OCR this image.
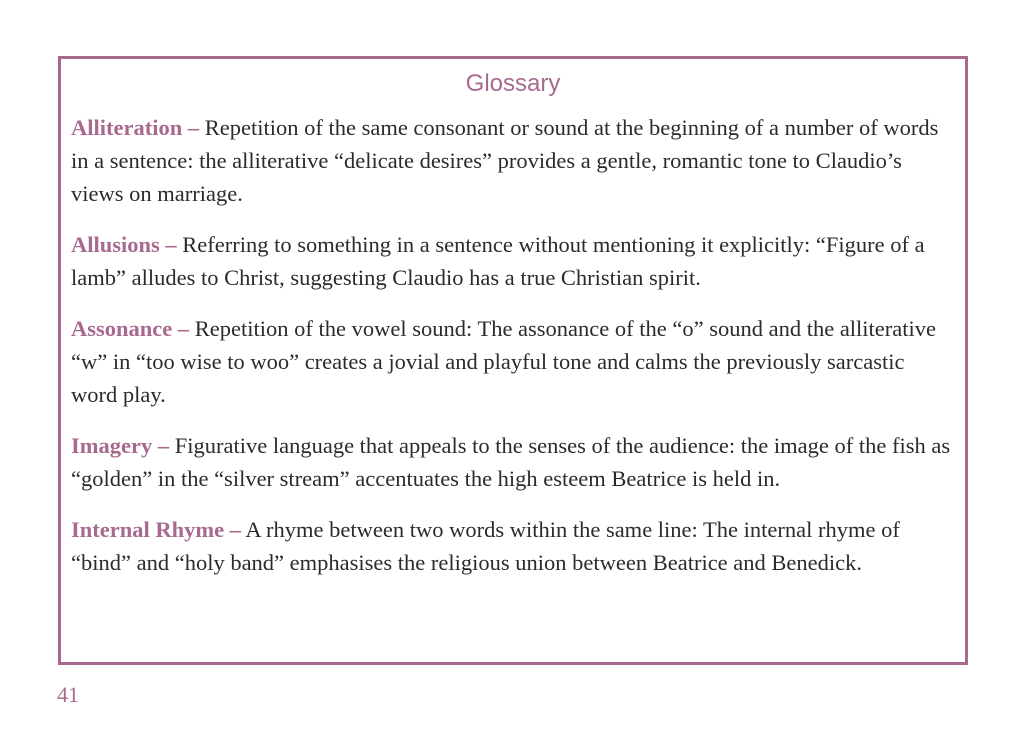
Glossary

Alliteration – Repetition of the same consonant or sound at the beginning of a number of words in a sentence: the alliterative “delicate desires” provides a gentle, romantic tone to Claudio’s views on marriage.

Allusions – Referring to something in a sentence without mentioning it explicitly: “Figure of a lamb” alludes to Christ, suggesting Claudio has a true Christian spirit.

Assonance – Repetition of the vowel sound: The assonance of the “o” sound and the alliterative “w” in “too wise to woo” creates a jovial and playful tone and calms the previously sarcastic word play.

Imagery – Figurative language that appeals to the senses of the audience: the image of the fish as “golden” in the “silver stream” accentuates the high esteem Beatrice is held in.

Internal Rhyme – A rhyme between two words within the same line: The internal rhyme of “bind” and “holy band” emphasises the religious union between Beatrice and Benedick.

41
